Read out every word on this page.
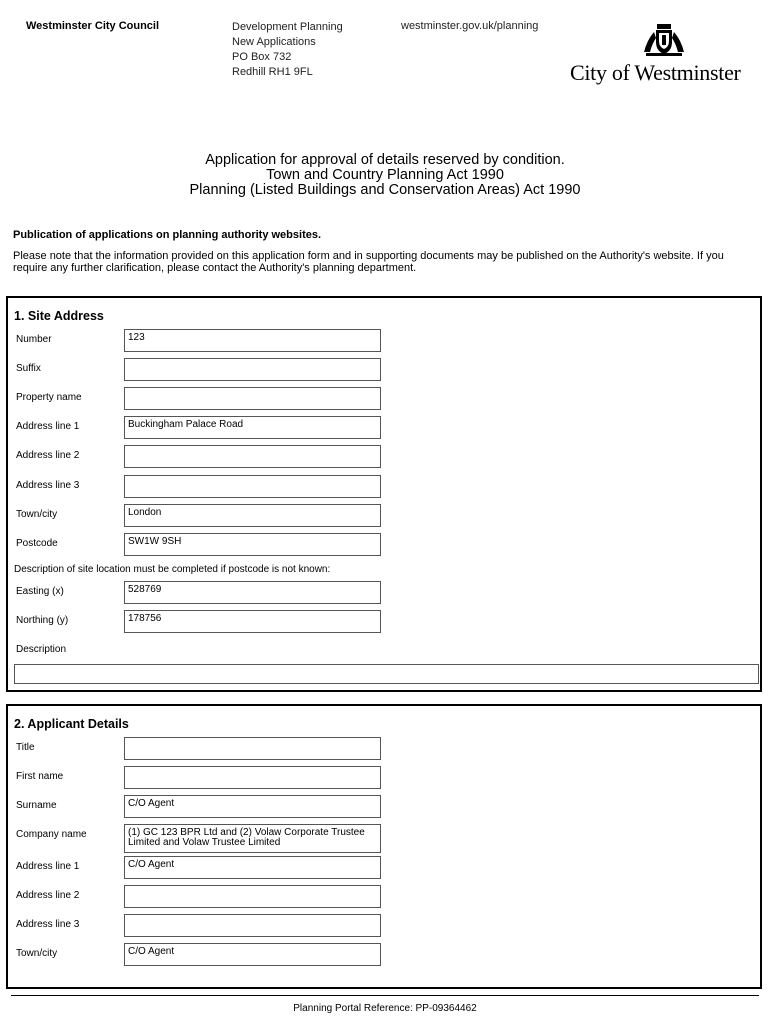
Westminster City Council	Development Planning
New Applications
PO Box 732
Redhill RH1 9FL
westminster.gov.uk/planning
City of Westminster
Application for approval of details reserved by condition.
Town and Country Planning Act 1990
Planning (Listed Buildings and Conservation Areas) Act 1990
Publication of applications on planning authority websites.
Please note that the information provided on this application form and in supporting documents may be published on the Authority's website. If you require any further clarification, please contact the Authority's planning department.
1. Site Address
Number	123
Suffix
Property name
Address line 1	Buckingham Palace Road
Address line 2
Address line 3
Town/city	London
Postcode	SW1W 9SH
Description of site location must be completed if postcode is not known:
Easting (x)	528769
Northing (y)	178756
Description
2. Applicant Details
Title
First name
Surname	C/O Agent
Company name	(1) GC 123 BPR Ltd and (2) Volaw Corporate Trustee Limited and Volaw Trustee Limited
Address line 1	C/O Agent
Address line 2
Address line 3
Town/city	C/O Agent
Planning Portal Reference: PP-09364462
